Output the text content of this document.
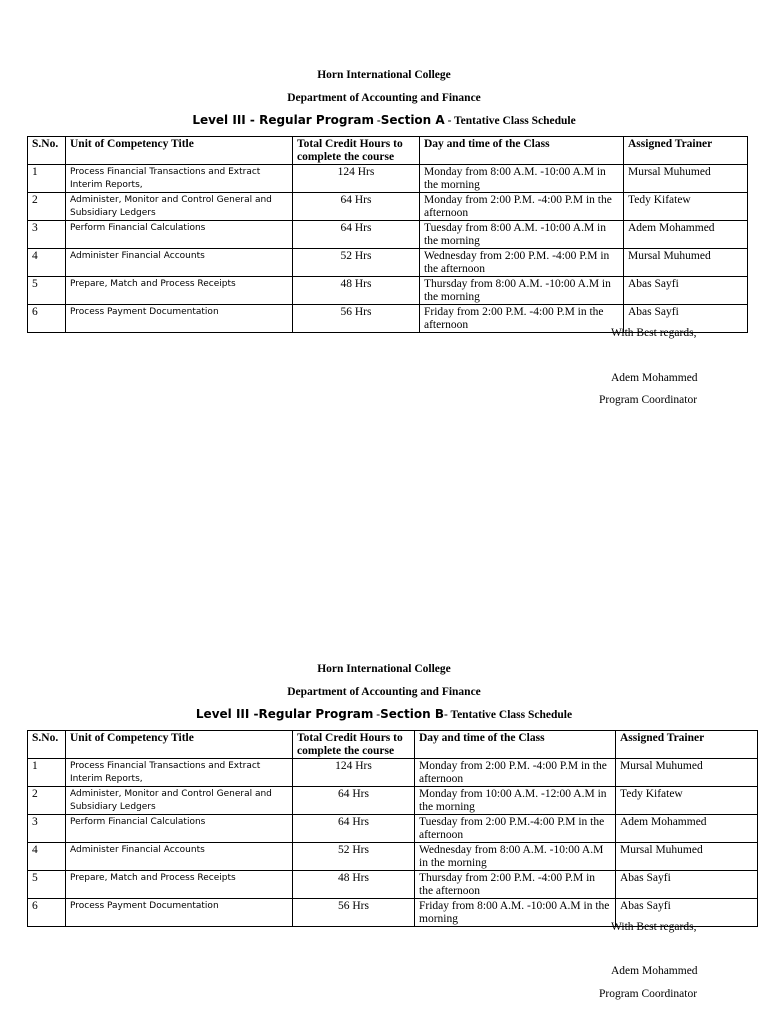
Horn International College
Department of Accounting and Finance
Level III - Regular Program -Section A - Tentative Class Schedule
S.No.	Unit of Competency Title	Total Credit Hours to complete the course	Day and time of the Class	Assigned Trainer
1	Process Financial Transactions and Extract Interim Reports,	124 Hrs	Monday from 8:00 A.M. -10:00 A.M in the morning	Mursal Muhumed
2	Administer, Monitor and Control General and Subsidiary Ledgers	64 Hrs	Monday from 2:00 P.M. -4:00 P.M in the afternoon	Tedy Kifatew
3	Perform Financial Calculations	64 Hrs	Tuesday from 8:00 A.M. -10:00 A.M in the morning	Adem Mohammed
4	Administer Financial Accounts	52 Hrs	Wednesday from 2:00 P.M. -4:00 P.M in the afternoon	Mursal Muhumed
5	Prepare, Match and Process Receipts	48 Hrs	Thursday from 8:00 A.M. -10:00 A.M in the morning	Abas Sayfi
6	Process Payment Documentation	56 Hrs	Friday from 2:00 P.M. -4:00 P.M in the afternoon	Abas Sayfi
With Best regards,
Adem Mohammed
Program Coordinator
Horn International College
Department of Accounting and Finance
Level III -Regular Program -Section B- Tentative Class Schedule
S.No.	Unit of Competency Title	Total Credit Hours to complete the course	Day and time of the Class	Assigned Trainer
1	Process Financial Transactions and Extract Interim Reports,	124 Hrs	Monday from 2:00 P.M. -4:00 P.M in the afternoon	Mursal Muhumed
2	Administer, Monitor and Control General and Subsidiary Ledgers	64 Hrs	Monday from 10:00 A.M. -12:00 A.M in the morning	Tedy Kifatew
3	Perform Financial Calculations	64 Hrs	Tuesday from 2:00 P.M.-4:00 P.M in the afternoon	Adem Mohammed
4	Administer Financial Accounts	52 Hrs	Wednesday from 8:00 A.M. -10:00 A.M in the morning	Mursal Muhumed
5	Prepare, Match and Process Receipts	48 Hrs	Thursday from 2:00 P.M. -4:00 P.M in the afternoon	Abas Sayfi
6	Process Payment Documentation	56 Hrs	Friday from 8:00 A.M. -10:00 A.M in the morning	Abas Sayfi
With Best regards,
Adem Mohammed
Program Coordinator
